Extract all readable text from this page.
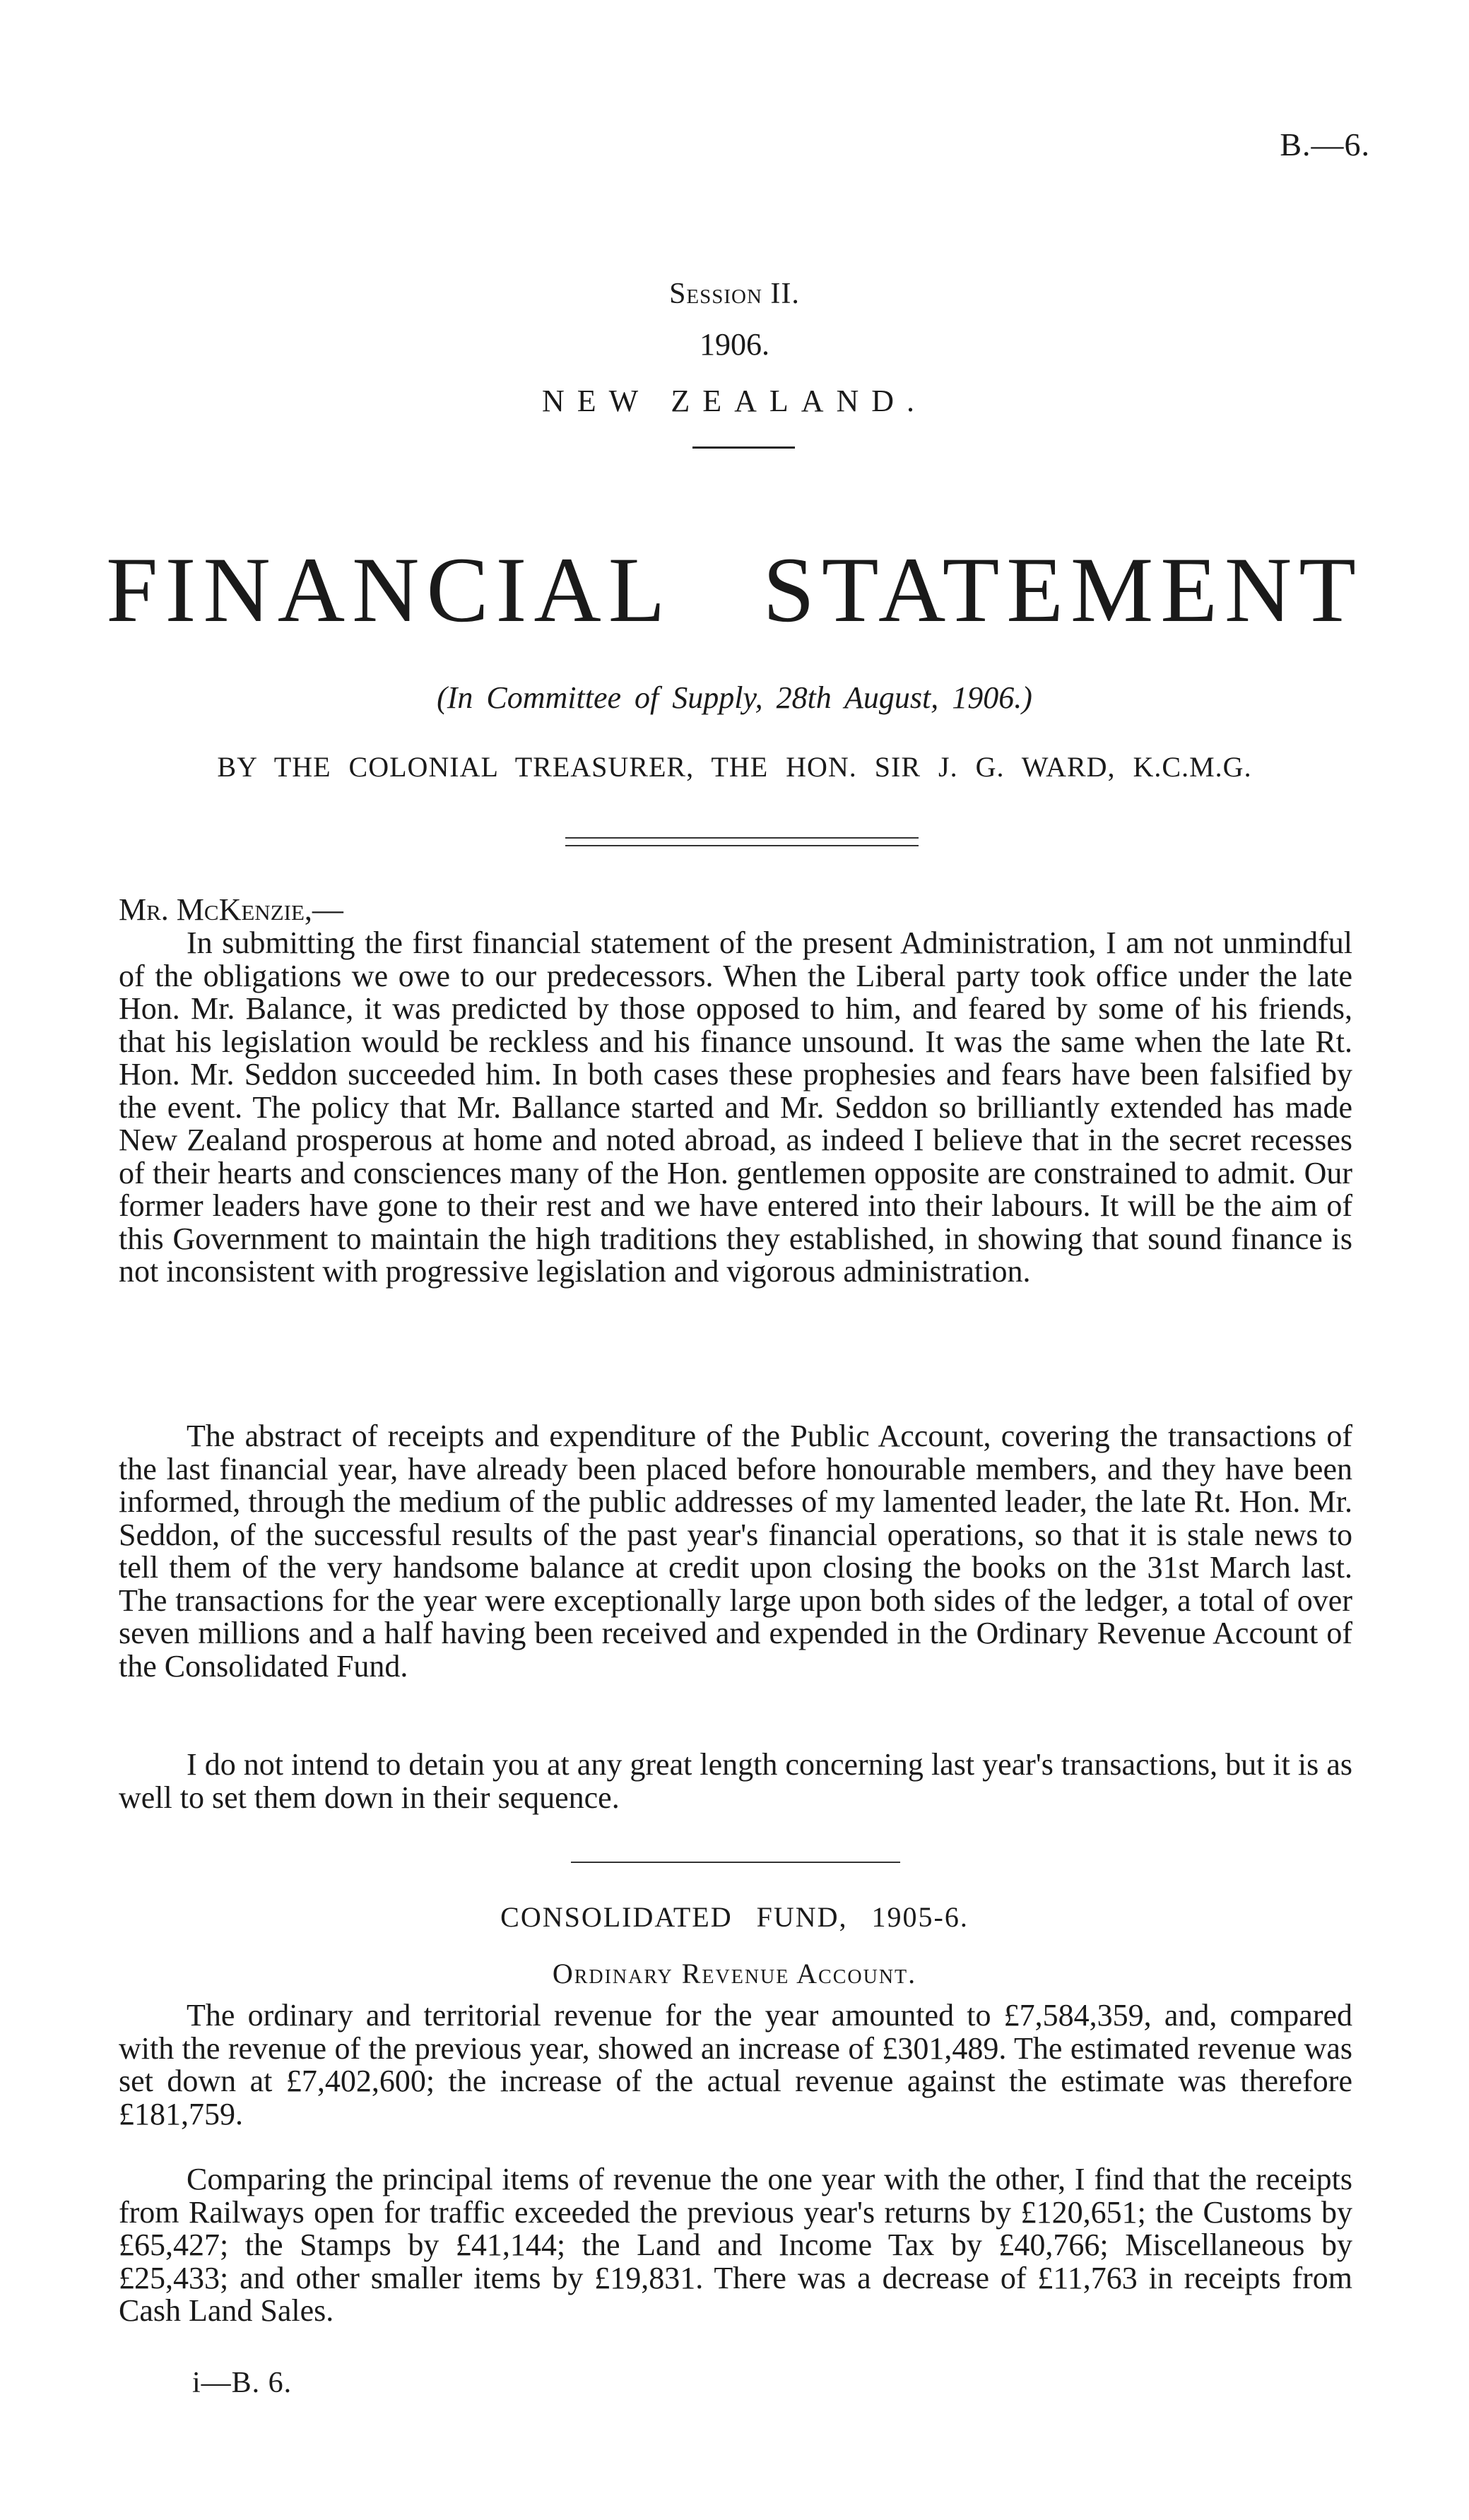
B.—6.
Session II.
1906.
NEW ZEALAND.
FINANCIAL STATEMENT
(In Committee of Supply, 28th August, 1906.)
BY THE COLONIAL TREASURER, THE HON. SIR J. G. WARD, K.C.M.G.
Mr. McKenzie,—

In submitting the first financial statement of the present Administration, I am not unmindful of the obligations we owe to our predecessors. When the Liberal party took office under the late Hon. Mr. Balance, it was predicted by those opposed to him, and feared by some of his friends, that his legislation would be reckless and his finance unsound. It was the same when the late Rt. Hon. Mr. Seddon succeeded him. In both cases these prophesies and fears have been falsified by the event. The policy that Mr. Ballance started and Mr. Seddon so brilliantly extended has made New Zealand prosperous at home and noted abroad, as indeed I believe that in the secret recesses of their hearts and consciences many of the Hon. gentlemen opposite are constrained to admit. Our former leaders have gone to their rest and we have entered into their labours. It will be the aim of this Government to maintain the high traditions they established, in showing that sound finance is not inconsistent with progressive legislation and vigorous administration.

The abstract of receipts and expenditure of the Public Account, covering the transactions of the last financial year, have already been placed before honourable members, and they have been informed, through the medium of the public addresses of my lamented leader, the late Rt. Hon. Mr. Seddon, of the successful results of the past year's financial operations, so that it is stale news to tell them of the very handsome balance at credit upon closing the books on the 31st March last. The transactions for the year were exceptionally large upon both sides of the ledger, a total of over seven millions and a half having been received and expended in the Ordinary Revenue Account of the Consolidated Fund.

I do not intend to detain you at any great length concerning last year's transactions, but it is as well to set them down in their sequence.

CONSOLIDATED FUND, 1905-6.
Ordinary Revenue Account.

The ordinary and territorial revenue for the year amounted to £7,584,359, and, compared with the revenue of the previous year, showed an increase of £301,489. The estimated revenue was set down at £7,402,600; the increase of the actual revenue against the estimate was therefore £181,759.

Comparing the principal items of revenue the one year with the other, I find that the receipts from Railways open for traffic exceeded the previous year's returns by £120,651; the Customs by £65,427; the Stamps by £41,144; the Land and Income Tax by £40,766; Miscellaneous by £25,433; and other smaller items by £19,831. There was a decrease of £11,763 in receipts from Cash Land Sales.

i—B. 6.
